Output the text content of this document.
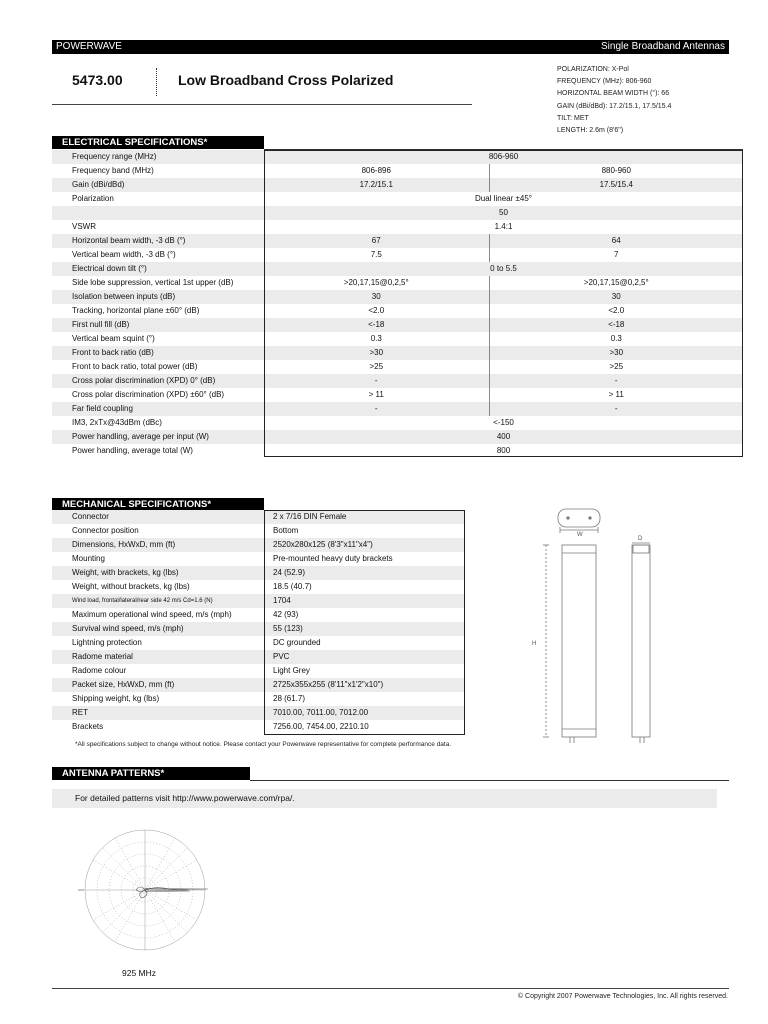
POWERWAVE	Single Broadband Antennas
5473.00	Low Broadband Cross Polarized
POLARIZATION: X-Pol
FREQUENCY (MHz): 806-960
HORIZONTAL BEAM WIDTH (°): 66
GAIN (dBi/dBd): 17.2/15.1, 17.5/15.4
TILT: MET
LENGTH: 2.6m (8'6")
ELECTRICAL SPECIFICATIONS*
Frequency range (MHz)	806-960	
Frequency band (MHz)	806-896	880-960
Gain (dBi/dBd)	17.2/15.1	17.5/15.4
Polarization	Dual linear ±45°	
	50	
VSWR	1.4:1	
Horizontal beam width, -3 dB (°)	67	64
Vertical beam width, -3 dB (°)	7.5	7
Electrical down tilt (°)	0 to 5.5	
Side lobe suppression, vertical 1st upper (dB)	>20,17,15@0,2,5°	>20,17,15@0,2,5°
Isolation between inputs (dB)	30	30
Tracking, horizontal plane ±60° (dB)	<2.0	<2.0
First null fill (dB)	<-18	<-18
Vertical beam squint (°)	0.3	0.3
Front to back ratio (dB)	>30	>30
Front to back ratio, total power (dB)	>25	>25
Cross polar discrimination (XPD) 0° (dB)	-	-
Cross polar discrimination (XPD) ±60° (dB)	> 11	> 11
Far field coupling	-	-
IM3, 2xTx@43dBm (dBc)	<-150	
Power handling, average per input (W)	400	
Power handling, average total (W)	800	
MECHANICAL SPECIFICATIONS*
Connector	2 x 7/16 DIN Female
Connector position	Bottom
Dimensions, HxWxD, mm (ft)	2520x280x125 (8'3"x11"x4")
Mounting	Pre-mounted heavy duty brackets
Weight, with brackets, kg (lbs)	24 (52.9)
Weight, without brackets, kg (lbs)	18.5 (40.7)
Wind load, frontal/lateral/rear side 42 m/s Cd=1.6 (N)	1704
Maximum operational wind speed, m/s (mph)	42 (93)
Survival wind speed, m/s (mph)	55 (123)
Lightning protection	DC grounded
Radome material	PVC
Radome colour	Light Grey
Packet size, HxWxD, mm (ft)	2725x355x255 (8'11"x1'2"x10")
Shipping weight, kg (lbs)	28 (61.7)
RET	7010.00, 7011.00, 7012.00
Brackets	7256.00, 7454.00, 2210.10
*All specifications subject to change without notice. Please contact your Powerwave representative for complete performance data.
W
D
H
ANTENNA PATTERNS*
For detailed patterns visit http://www.powerwave.com/rpa/.
925 MHz
© Copyright 2007 Powerwave Technologies, Inc. All rights reserved.
